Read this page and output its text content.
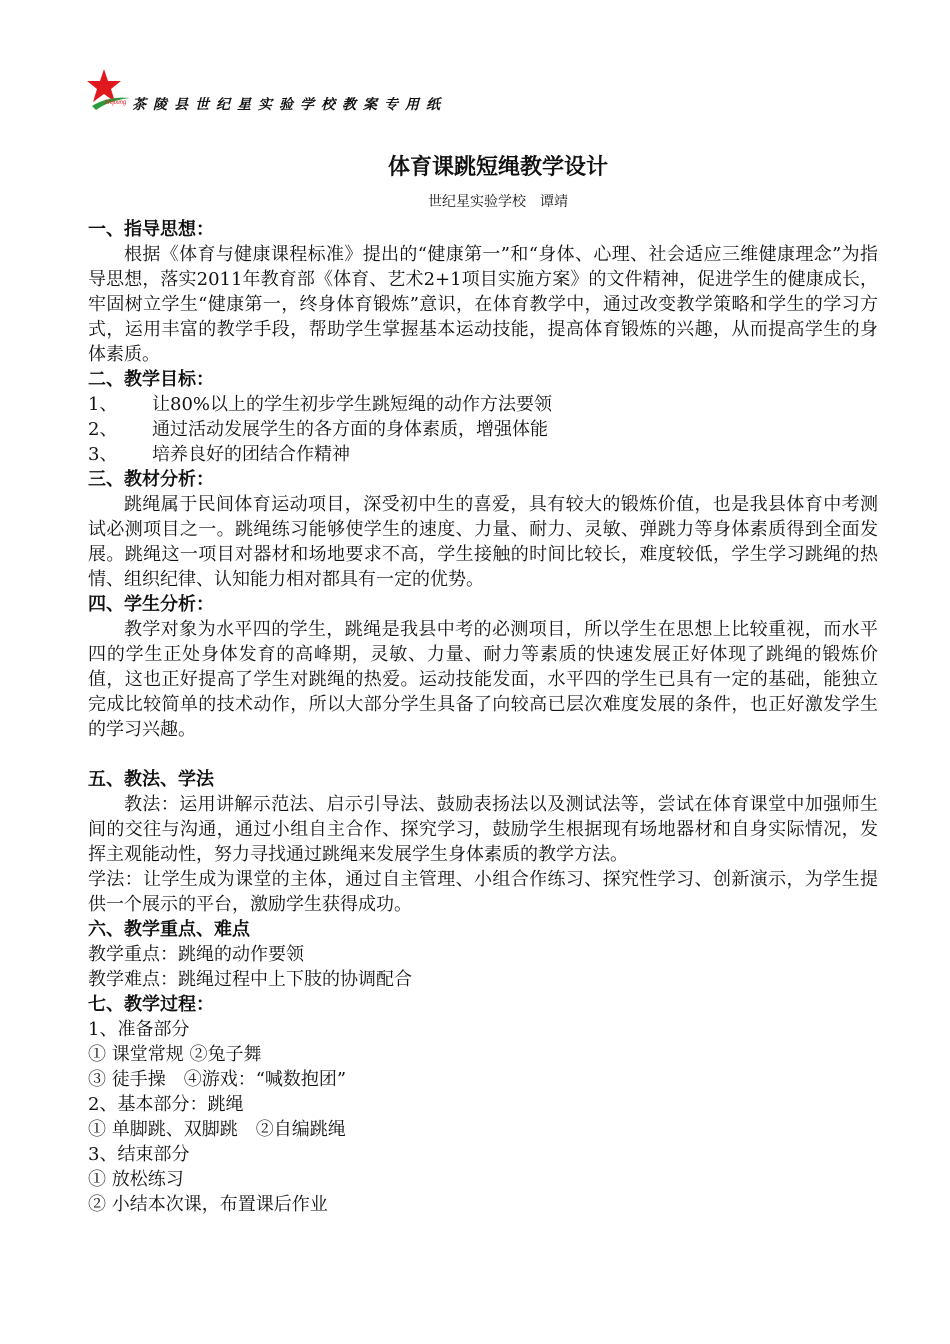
Shijixing 茶陵县世纪星实验学校教案专用纸
体育课跳短绳教学设计
世纪星实验学校　谭靖
一、指导思想：
根据《体育与健康课程标准》提出的“健康第一”和“身体、心理、社会适应三维健康理念”为指导思想，落实2011年教育部《体育、艺术2+1项目实施方案》的文件精神，促进学生的健康成长，牢固树立学生“健康第一，终身体育锻炼”意识，在体育教学中，通过改变教学策略和学生的学习方式，运用丰富的教学手段，帮助学生掌握基本运动技能，提高体育锻炼的兴趣，从而提高学生的身体素质。
二、教学目标：
1、	让80%以上的学生初步学生跳短绳的动作方法要领
2、	通过活动发展学生的各方面的身体素质，增强体能
3、	培养良好的团结合作精神
三、教材分析：
跳绳属于民间体育运动项目，深受初中生的喜爱，具有较大的锻炼价值，也是我县体育中考测试必测项目之一。跳绳练习能够使学生的速度、力量、耐力、灵敏、弹跳力等身体素质得到全面发展。跳绳这一项目对器材和场地要求不高，学生接触的时间比较长，难度较低，学生学习跳绳的热情、组织纪律、认知能力相对都具有一定的优势。
四、学生分析：
教学对象为水平四的学生，跳绳是我县中考的必测项目，所以学生在思想上比较重视，而水平四的学生正处身体发育的高峰期，灵敏、力量、耐力等素质的快速发展正好体现了跳绳的锻炼价值，这也正好提高了学生对跳绳的热爱。运动技能发面，水平四的学生已具有一定的基础，能独立完成比较简单的技术动作，所以大部分学生具备了向较高已层次难度发展的条件，也正好激发学生的学习兴趣。
五、教法、学法
教法：运用讲解示范法、启示引导法、鼓励表扬法以及测试法等，尝试在体育课堂中加强师生间的交往与沟通，通过小组自主合作、探究学习，鼓励学生根据现有场地器材和自身实际情况，发挥主观能动性，努力寻找通过跳绳来发展学生身体素质的教学方法。
学法：让学生成为课堂的主体，通过自主管理、小组合作练习、探究性学习、创新演示，为学生提供一个展示的平台，激励学生获得成功。
六、教学重点、难点
教学重点：跳绳的动作要领
教学难点：跳绳过程中上下肢的协调配合
七、教学过程：
1、准备部分
① 课堂常规 ②兔子舞
③ 徒手操　④游戏：“喊数抱团”
2、基本部分：跳绳
① 单脚跳、双脚跳　②自编跳绳
3、结束部分
① 放松练习
② 小结本次课，布置课后作业
